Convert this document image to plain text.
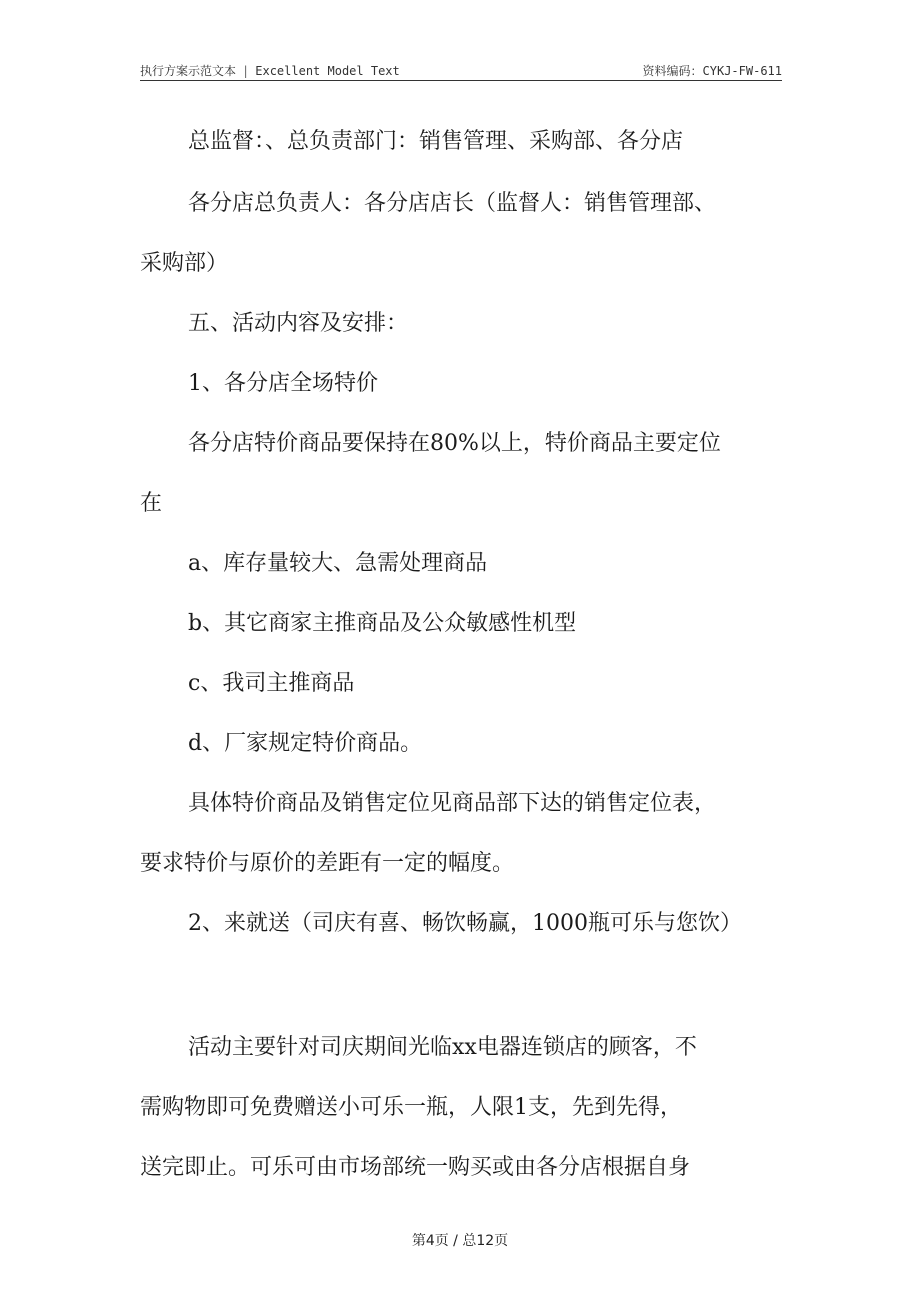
执行方案示范文本 | Excellent Model Text	资料编码：CYKJ-FW-611
总监督：、总负责部门：销售管理、采购部、各分店
各分店总负责人：各分店店长（监督人：销售管理部、
采购部）
五、活动内容及安排：
1、各分店全场特价
各分店特价商品要保持在80%以上，特价商品主要定位
在
a、库存量较大、急需处理商品
b、其它商家主推商品及公众敏感性机型
c、我司主推商品
d、厂家规定特价商品。
具体特价商品及销售定位见商品部下达的销售定位表，
要求特价与原价的差距有一定的幅度。
2、来就送（司庆有喜、畅饮畅赢，1000瓶可乐与您饮）
活动主要针对司庆期间光临xx电器连锁店的顾客，不
需购物即可免费赠送小可乐一瓶，人限1支，先到先得，
送完即止。可乐可由市场部统一购买或由各分店根据自身
第4页 / 总12页
